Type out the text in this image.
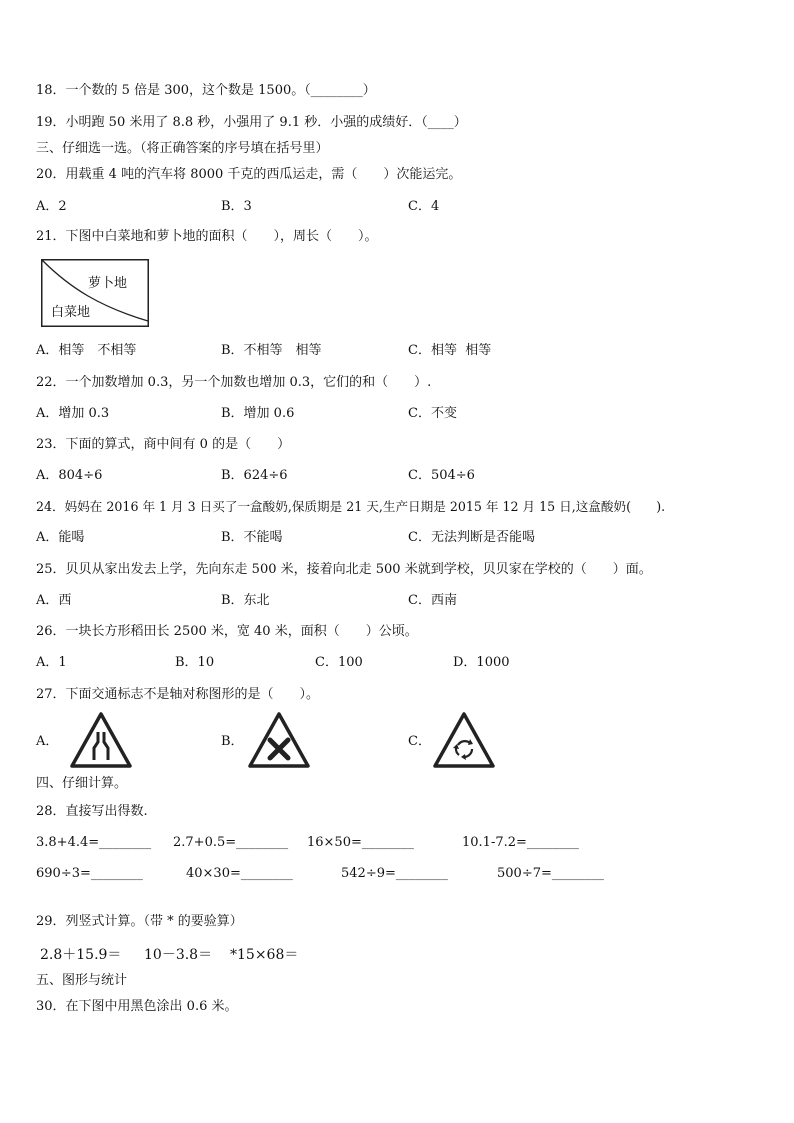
18．一个数的 5 倍是 300，这个数是 1500。（________）
19．小明跑 50 米用了 8.8 秒，小强用了 9.1 秒．小强的成绩好．（____）
三、仔细选一选。（将正确答案的序号填在括号里）
20．用载重 4 吨的汽车将 8000 千克的西瓜运走，需（　　）次能运完。
A．2	B．3	C．4
21．下图中白菜地和萝卜地的面积（　　），周长（　　）。
萝卜地
白菜地
A．相等　不相等	B．不相等　相等	C．相等  相等
22．一个加数增加 0.3，另一个加数也增加 0.3，它们的和（　　）.
A．增加 0.3	B．增加 0.6	C．不变
23．下面的算式，商中间有 0 的是（　　）
A．804÷6	B．624÷6	C．504÷6
24．妈妈在 2016 年 1 月 3 日买了一盒酸奶,保质期是 21 天,生产日期是 2015 年 12 月 15 日,这盒酸奶(　　).
A．能喝	B．不能喝	C．无法判断是否能喝
25．贝贝从家出发去上学，先向东走 500 米，接着向北走 500 米就到学校，贝贝家在学校的（　　）面。
A．西	B．东北	C．西南
26．一块长方形稻田长 2500 米，宽 40 米，面积（　　）公顷。
A．1	B．10	C．100	D．1000
27．下面交通标志不是轴对称图形的是（　　）。
A．	B．	C．
四、仔细计算。
28．直接写出得数.
3.8+4.4=________ 2.7+0.5=________ 16×50=________	10.1-7.2=________
690÷3=________	40×30=________	542÷9=________	500÷7=________
29．列竖式计算。（带 * 的要验算）
2.8＋15.9＝ 10－3.8＝ *15×68＝
五、图形与统计
30．在下图中用黑色涂出 0.6 米。
